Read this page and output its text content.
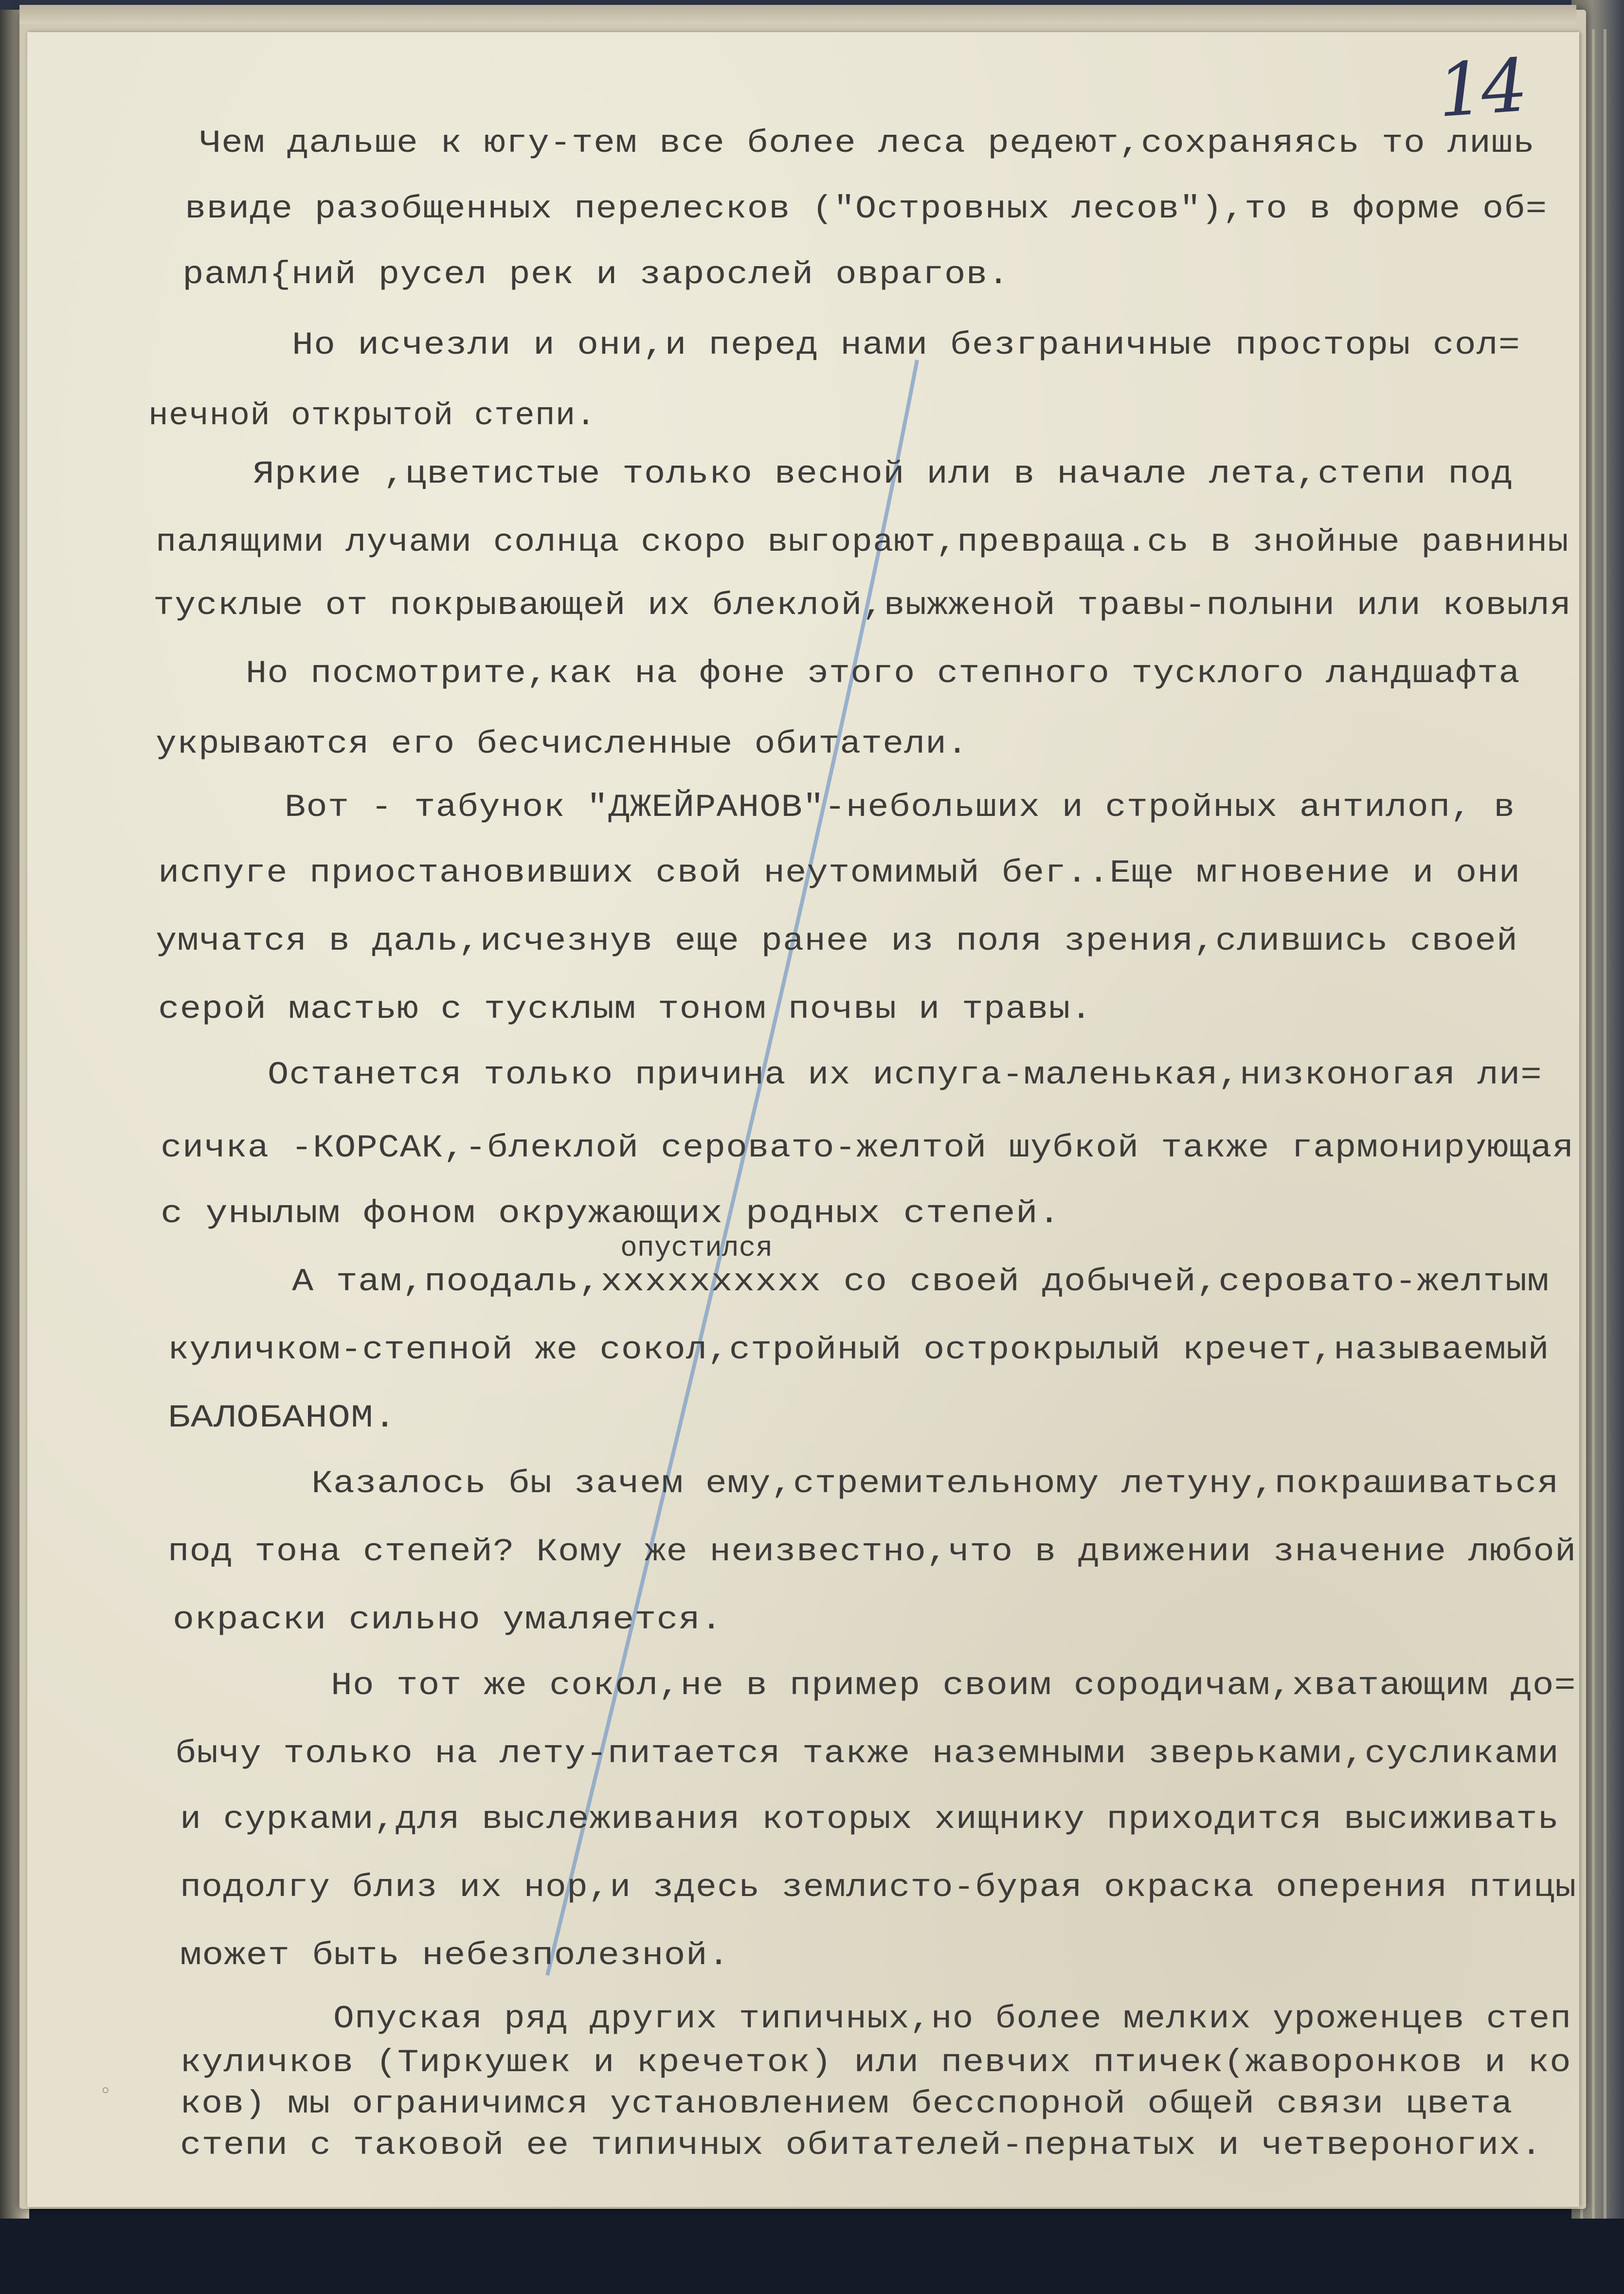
14

Чем дальше к югу-тем все более леса редеют,сохраняясь то лишь

ввиде разобщенных перелесков ("Островных лесов"),то в форме об=

рамл{ний русел рек и зарослей оврагов.

Но исчезли и они,и перед нами безграничные просторы сол=

нечной открытой степи.

Яркие ,цветистые только весной или в начале лета,степи под

палящими лучами солнца скоро выгорают,превраща.сь в знойные равнины

тусклые от покрывающей их блеклой,выжженой травы-полыни или ковыля

Но посмотрите,как на фоне этого степного тусклого ландшафта

укрываются его бесчисленные обитатели.

Вот - табунок "ДЖЕЙРАНОВ"-небольших и стройных антилоп, в

испуге приостановивших свой неутомимый бег..Еще мгновение и они

умчатся в даль,исчезнув еще ранее из поля зрения,слившись своей

серой мастью с тусклым тоном почвы и травы.

Останется только причина их испуга-маленькая,низконогая ли=

сичка -КОРСАК,-блеклой серовато-желтой шубкой также гармонирующая

с унылым фоном окружающих родных степей.

А там,поодаль,хххххххххх со своей добычей,серовато-желтым

куличком-степной же сокол,стройный острокрылый кречет,называемый

БАЛОБАНОМ.

Казалось бы зачем ему,стремительному летуну,покрашиваться

под тона степей? Кому же неизвестно,что в движении значение любой

окраски сильно умаляется.

Но тот же сокол,не в пример своим сородичам,хватающим до=

бычу только на лету-питается также наземными зверьками,сусликами

и сурками,для выслеживания которых хищнику приходится высиживать

подолгу близ их нор,и здесь землисто-бурая окраска оперения птицы

может быть небезполезной.

Опуская ряд других типичных,но более мелких уроженцев степ

куличков (Тиркушек и кречеток) или певчих птичек(жаворонков и ко

ков) мы ограничимся установлением бесспорной общей связи цвета

степи с таковой ее типичных обитателей-пернатых и четвероногих.

опустился
◦
